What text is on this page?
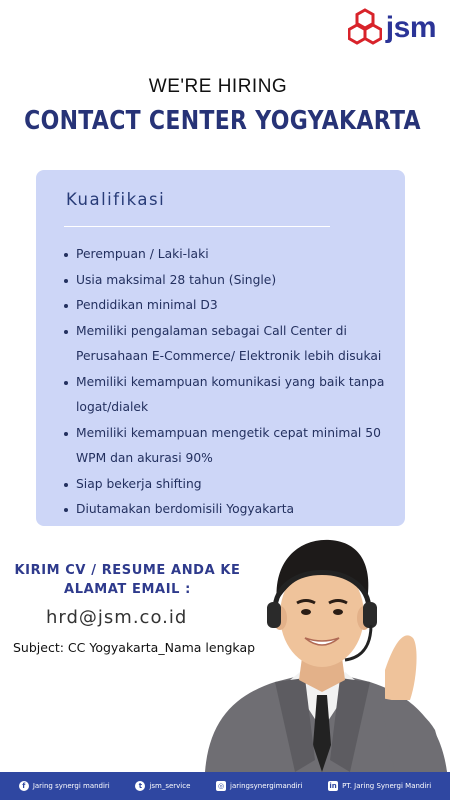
jsm
WE'RE HIRING
CONTACT CENTER YOGYAKARTA
Kualifikasi
Perempuan / Laki-laki
Usia maksimal 28 tahun (Single)
Pendidikan minimal D3
Memiliki pengalaman sebagai Call Center di Perusahaan E-Commerce/ Elektronik lebih disukai
Memiliki kemampuan komunikasi yang baik tanpa logat/dialek
Memiliki kemampuan mengetik cepat minimal 50 WPM dan akurasi 90%
Siap bekerja shifting
Diutamakan berdomisili Yogyakarta
KIRIM CV / RESUME ANDA KE
ALAMAT EMAIL :
hrd@jsm.co.id
Subject: CC Yogyakarta_Nama lengkap
f	Jaring synergi mandiri	t	jsm_service	◎ jaringsynergimandiri	in PT. Jaring Synergi Mandiri
